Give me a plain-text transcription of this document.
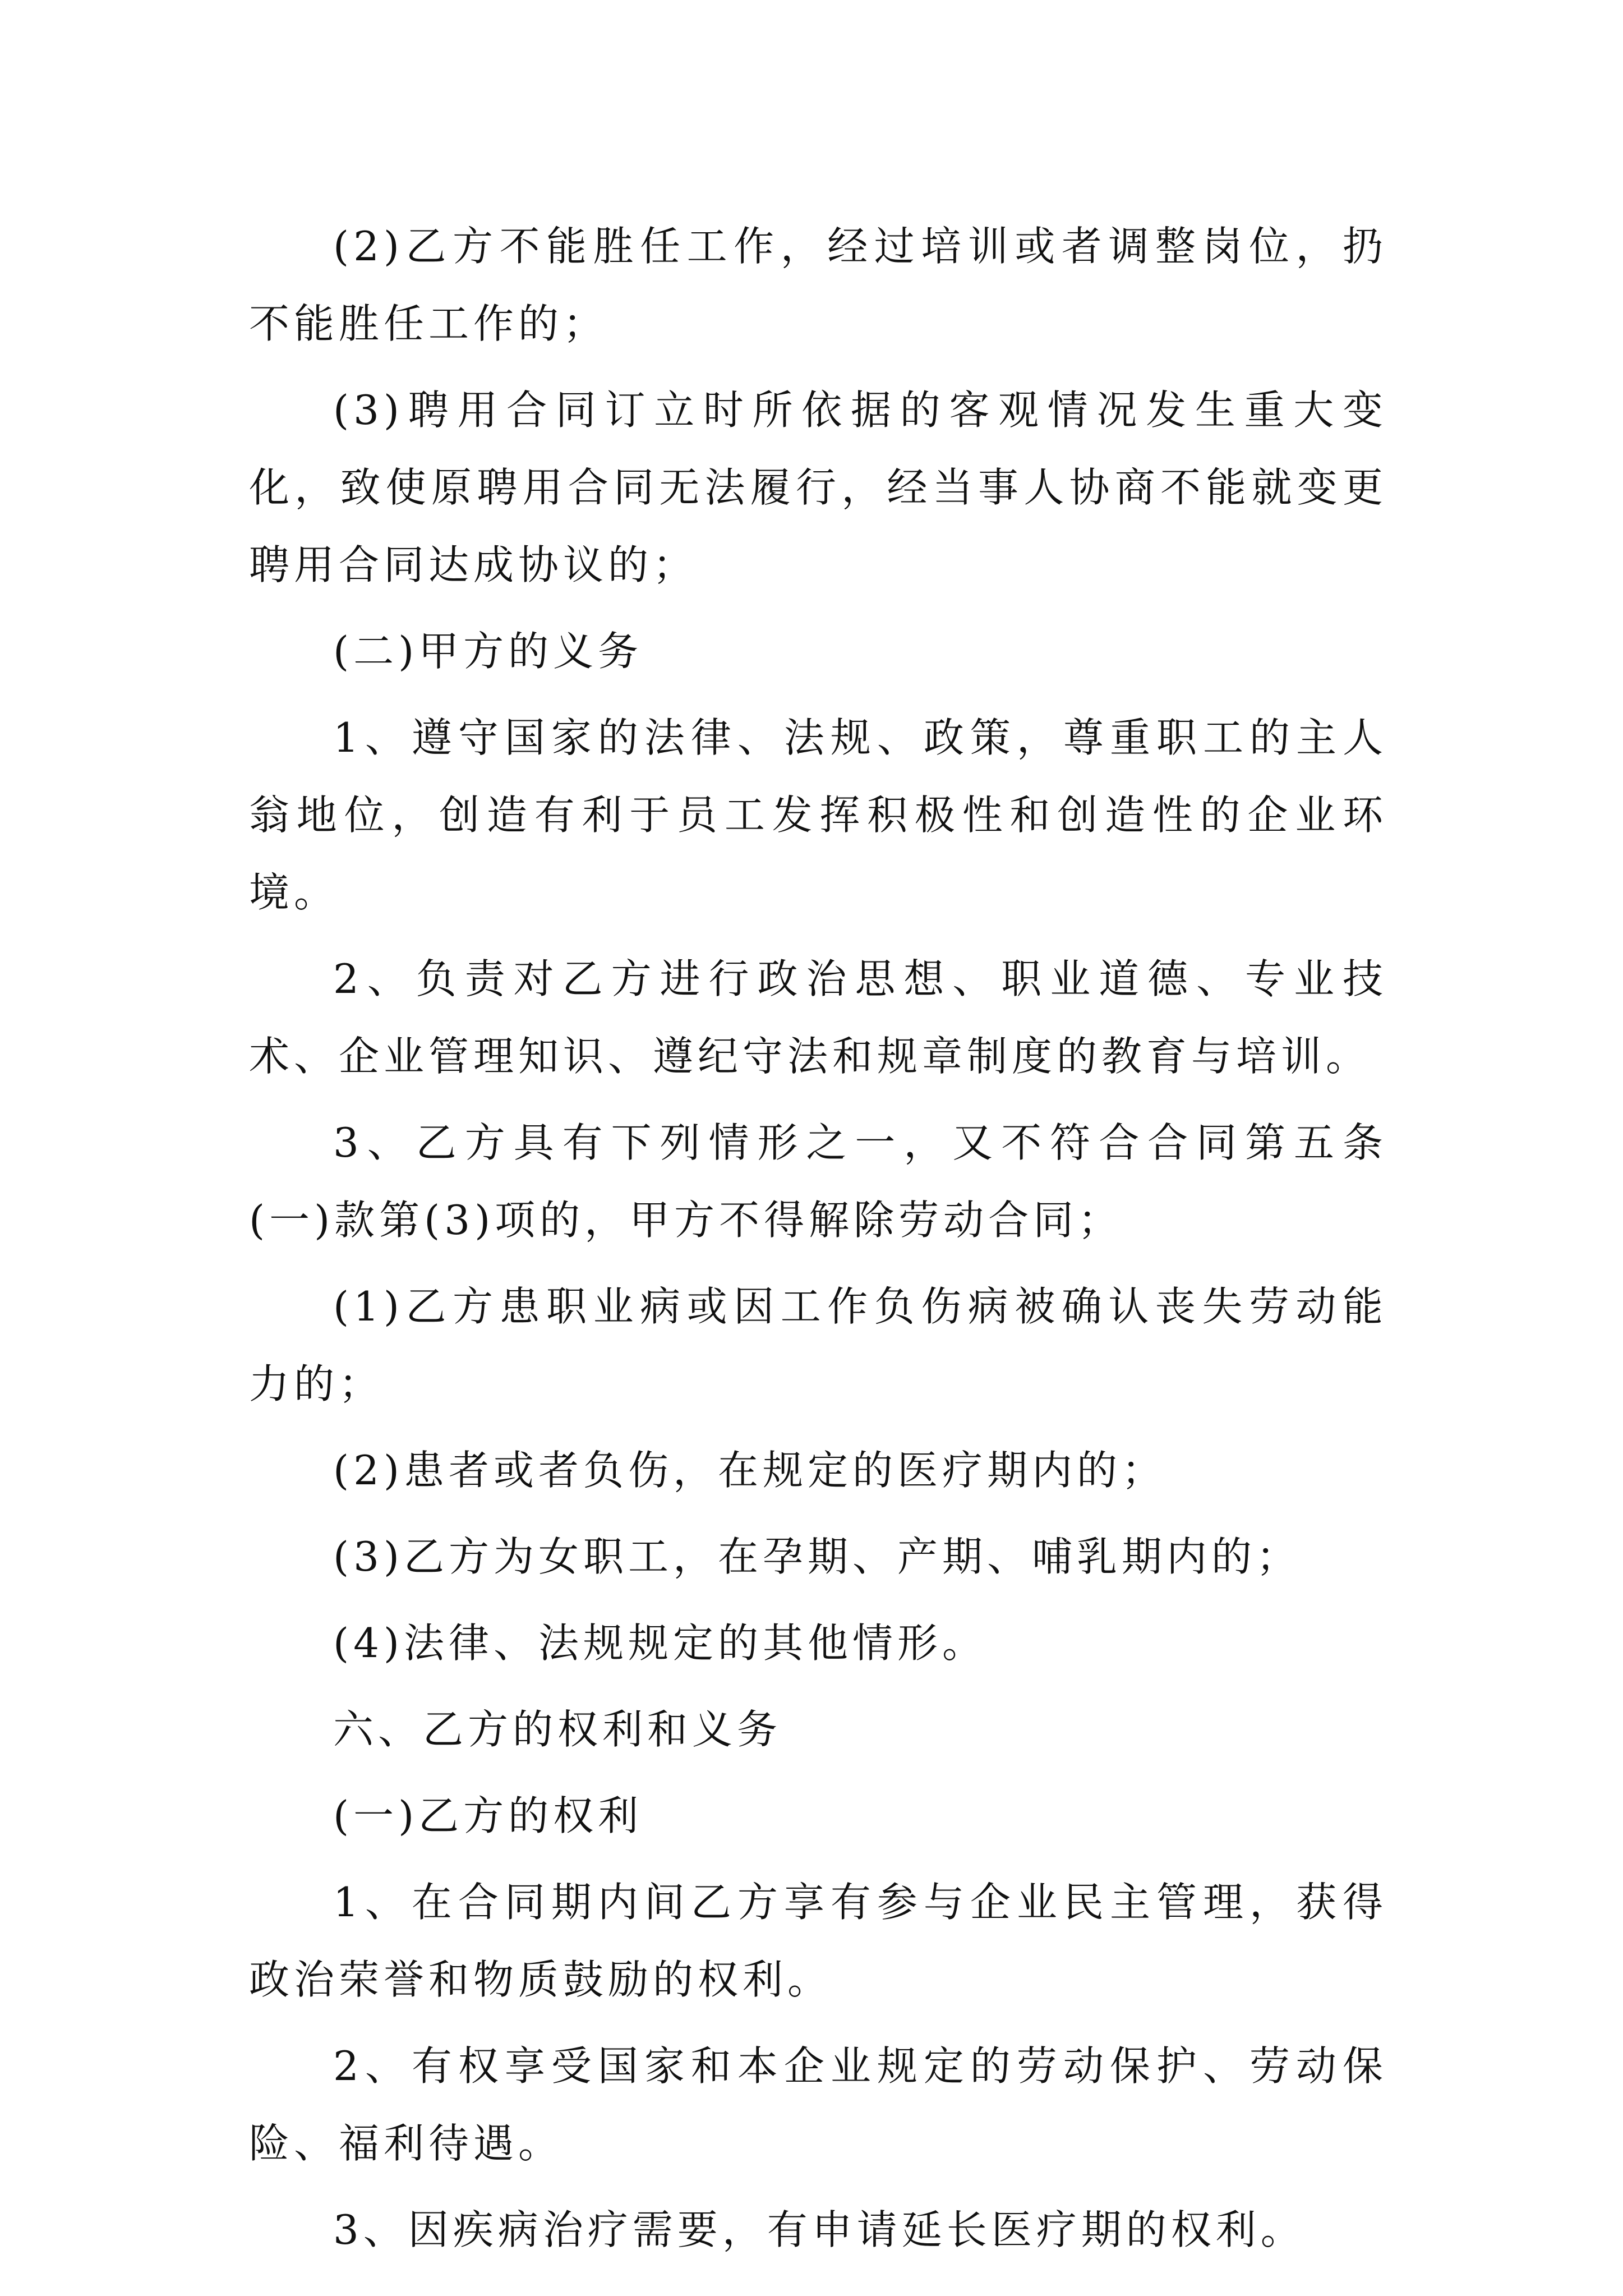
(2)乙方不能胜任工作，经过培训或者调整岗位，扔不能胜任工作的；

(3)聘用合同订立时所依据的客观情况发生重大变化，致使原聘用合同无法履行，经当事人协商不能就变更聘用合同达成协议的；

(二)甲方的义务

1、遵守国家的法律、法规、政策，尊重职工的主人翁地位，创造有利于员工发挥积极性和创造性的企业环境。

2、负责对乙方进行政治思想、职业道德、专业技术、企业管理知识、遵纪守法和规章制度的教育与培训。

3、乙方具有下列情形之一，又不符合合同第五条(一)款第(3)项的，甲方不得解除劳动合同；

(1)乙方患职业病或因工作负伤病被确认丧失劳动能力的；

(2)患者或者负伤，在规定的医疗期内的；

(3)乙方为女职工，在孕期、产期、哺乳期内的；

(4)法律、法规规定的其他情形。

六、乙方的权利和义务

(一)乙方的权利

1、在合同期内间乙方享有参与企业民主管理，获得政治荣誉和物质鼓励的权利。

2、有权享受国家和本企业规定的劳动保护、劳动保险、福利待遇。

3、因疾病治疗需要，有申请延长医疗期的权利。
